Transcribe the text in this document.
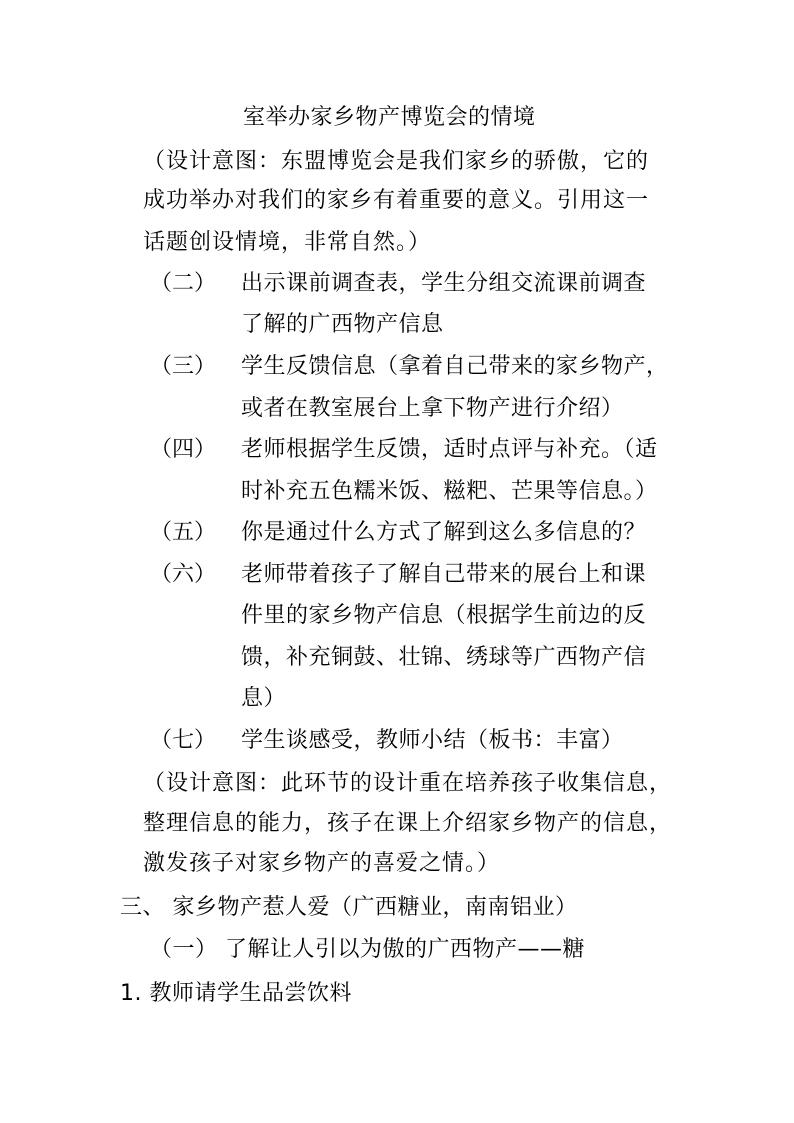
室举办家乡物产博览会的情境
（设计意图：东盟博览会是我们家乡的骄傲，它的
成功举办对我们的家乡有着重要的意义。引用这一
话题创设情境，非常自然。）
（二） 出示课前调查表，学生分组交流课前调查
了解的广西物产信息
（三） 学生反馈信息（拿着自己带来的家乡物产，
或者在教室展台上拿下物产进行介绍）
（四） 老师根据学生反馈，适时点评与补充。（适
时补充五色糯米饭、糍粑、芒果等信息。）
（五） 你是通过什么方式了解到这么多信息的？
（六） 老师带着孩子了解自己带来的展台上和课
件里的家乡物产信息（根据学生前边的反
馈，补充铜鼓、壮锦、绣球等广西物产信
息）
（七） 学生谈感受，教师小结（板书：丰富）
（设计意图：此环节的设计重在培养孩子收集信息，
整理信息的能力，孩子在课上介绍家乡物产的信息，
激发孩子对家乡物产的喜爱之情。）
三、 家乡物产惹人爱（广西糖业，南南铝业）
（一） 了解让人引以为傲的广西物产——糖
1. 教师请学生品尝饮料
